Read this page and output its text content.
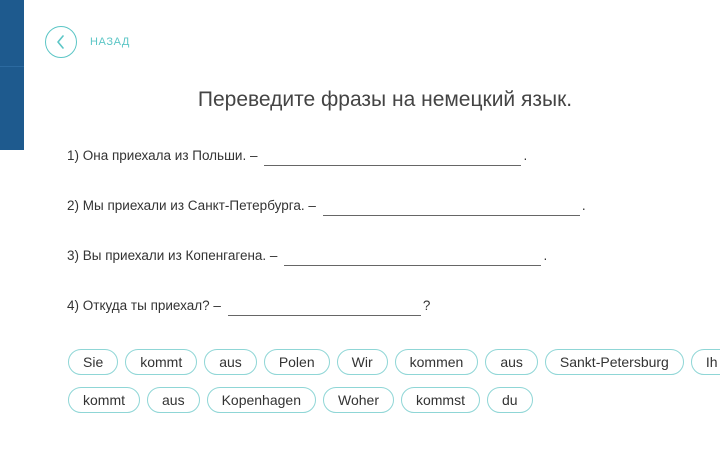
НАЗАД
Переведите фразы на немецкий язык.
1) Она приехала из Польши. –	.
2) Мы приехали из Санкт-Петербурга. –	.
3) Вы приехали из Копенгагена. –	.
4) Откуда ты приехал? –	?
Sie	kommt	aus	Polen	Wir	kommen	aus	Sankt-Petersburg	Ih
kommt	aus	Kopenhagen	Woher	kommst	du
